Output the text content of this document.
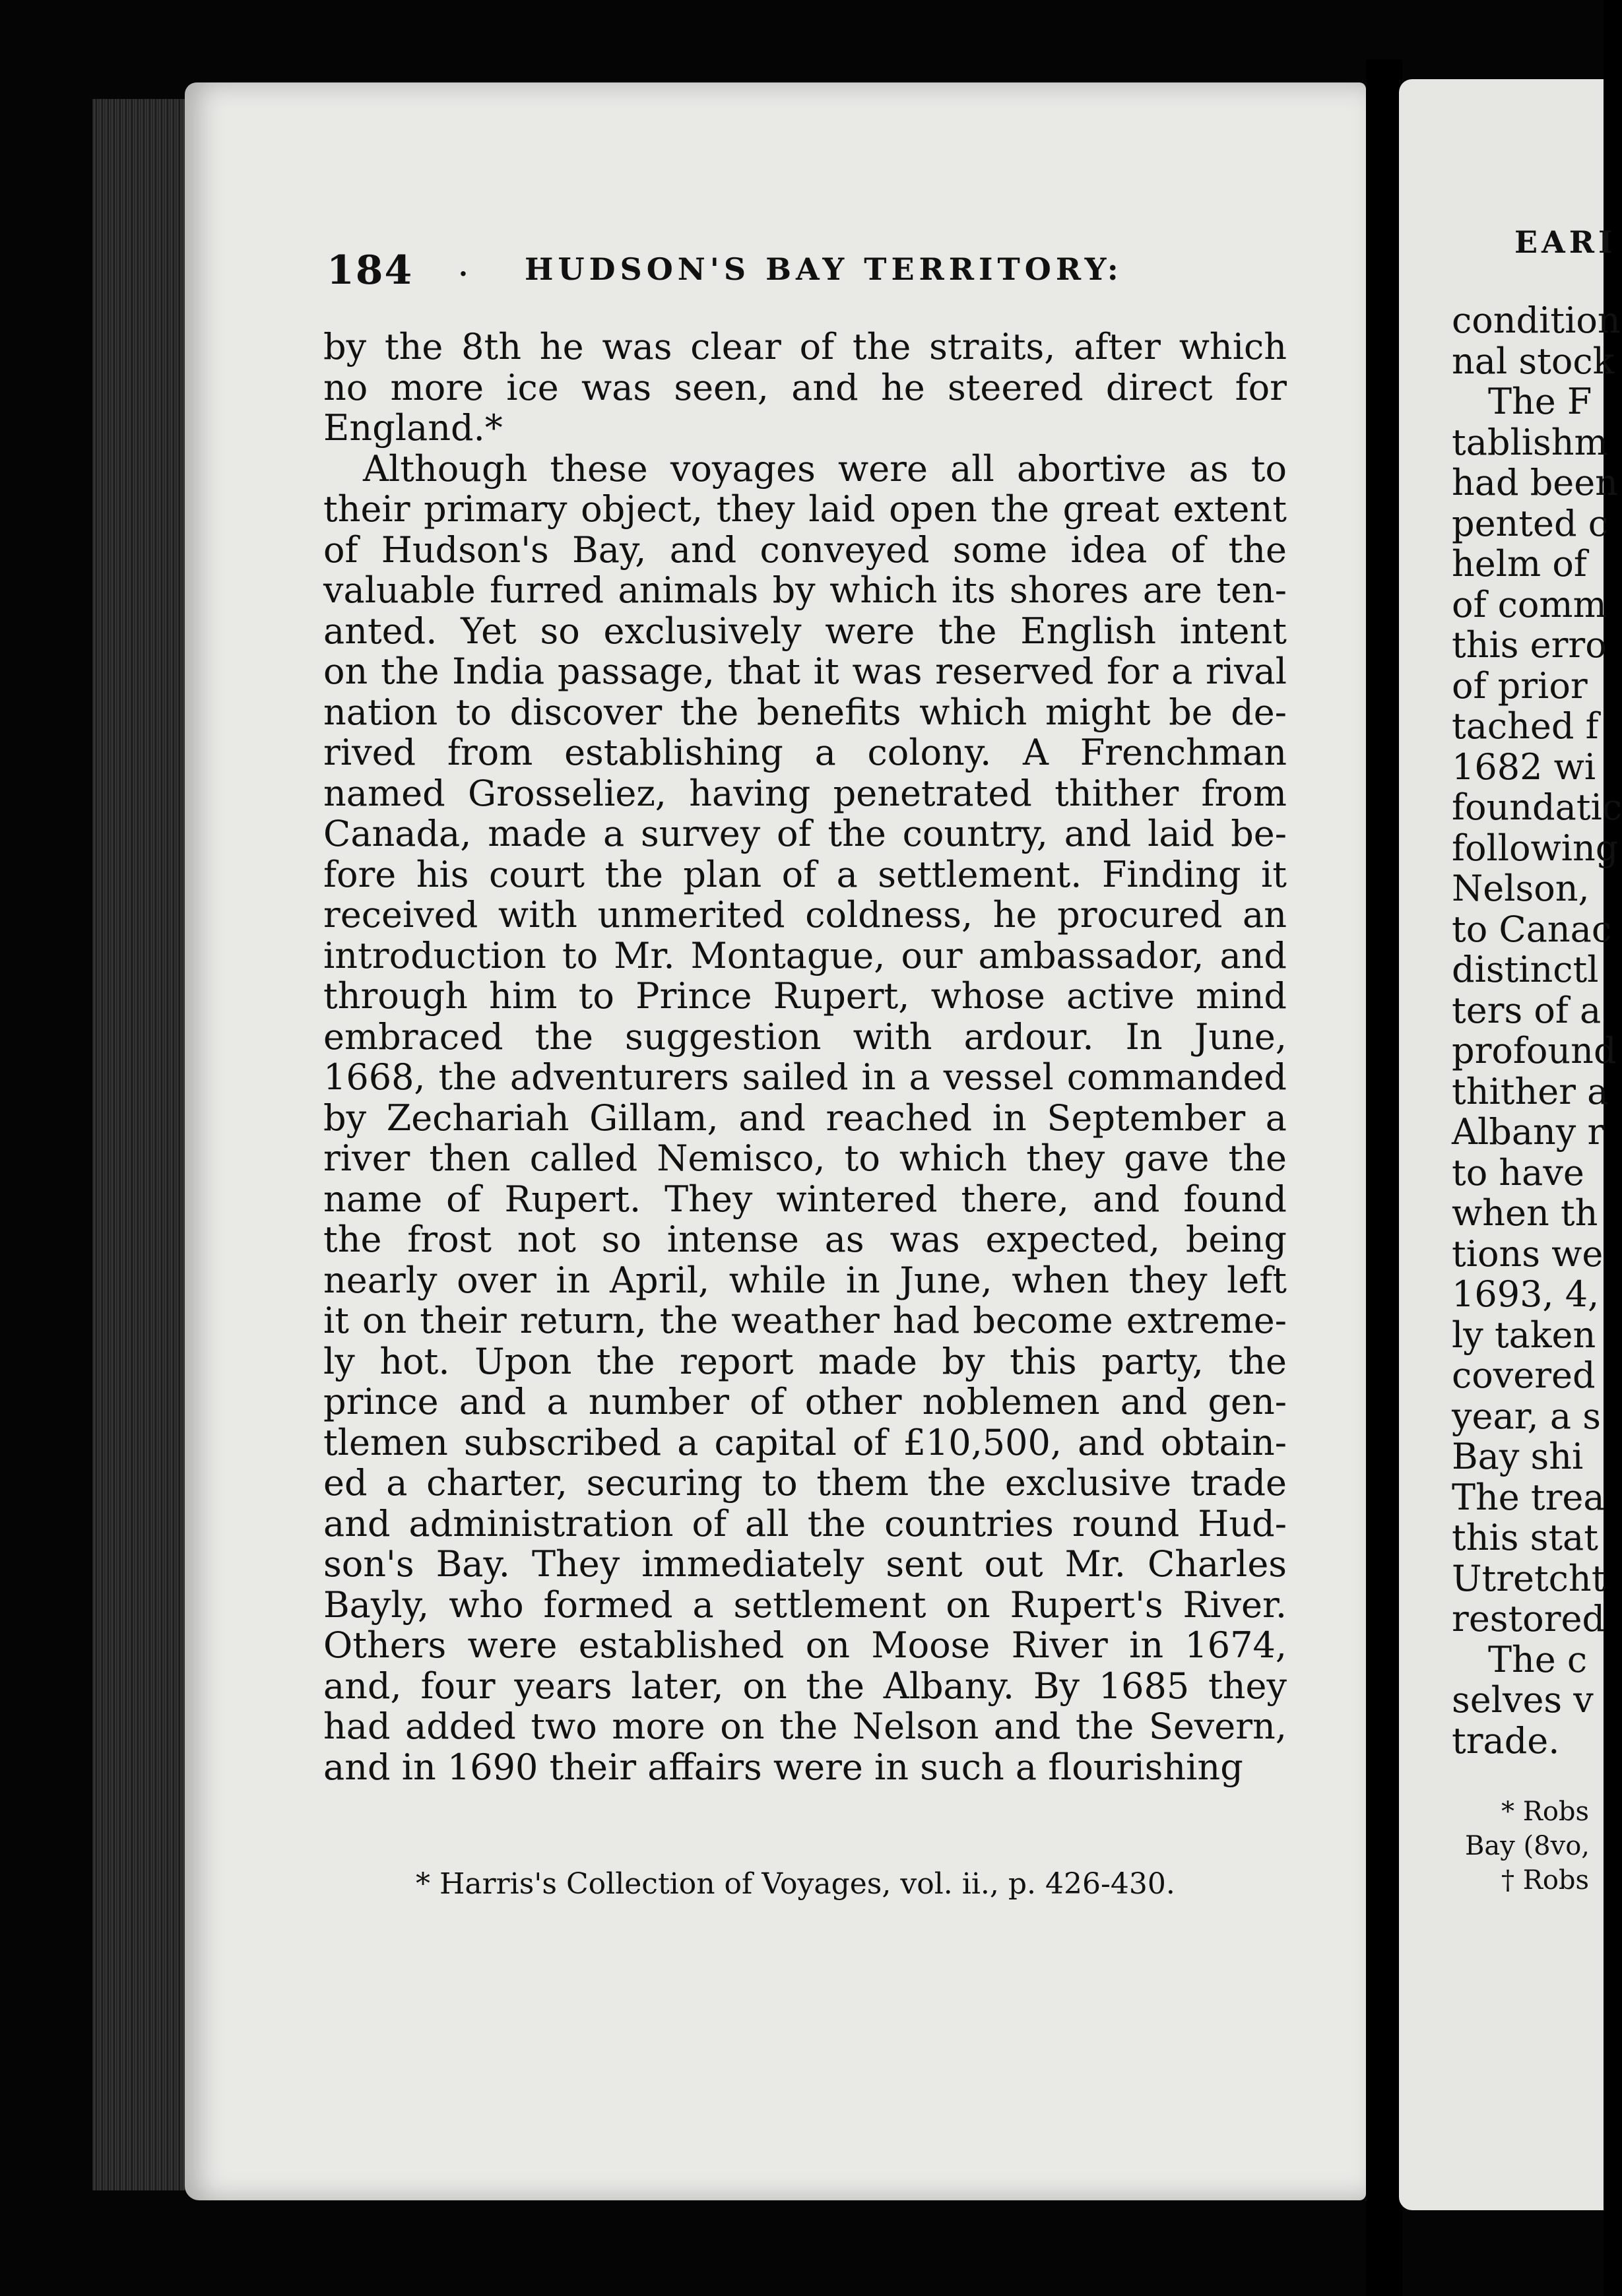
184 . HUDSON'S BAY TERRITORY:
by the 8th he was clear of the straits, after which
no more ice was seen, and he steered direct for
England.*
Although these voyages were all abortive as to
their primary object, they laid open the great extent
of Hudson's Bay, and conveyed some idea of the
valuable furred animals by which its shores are ten-
anted. Yet so exclusively were the English intent
on the India passage, that it was reserved for a rival
nation to discover the benefits which might be de-
rived from establishing a colony. A Frenchman
named Grosseliez, having penetrated thither from
Canada, made a survey of the country, and laid be-
fore his court the plan of a settlement. Finding it
received with unmerited coldness, he procured an
introduction to Mr. Montague, our ambassador, and
through him to Prince Rupert, whose active mind
embraced the suggestion with ardour. In June,
1668, the adventurers sailed in a vessel commanded
by Zechariah Gillam, and reached in September a
river then called Nemisco, to which they gave the
name of Rupert. They wintered there, and found
the frost not so intense as was expected, being
nearly over in April, while in June, when they left
it on their return, the weather had become extreme-
ly hot. Upon the report made by this party, the
prince and a number of other noblemen and gen-
tlemen subscribed a capital of £10,500, and obtain-
ed a charter, securing to them the exclusive trade
and administration of all the countries round Hud-
son's Bay. They immediately sent out Mr. Charles
Bayly, who formed a settlement on Rupert's River.
Others were established on Moose River in 1674,
and, four years later, on the Albany. By 1685 they
had added two more on the Nelson and the Severn,
and in 1690 their affairs were in such a flourishing
* Harris's Collection of Voyages, vol. ii., p. 426-430.
EARI
condition
nal stock
The F
tablishm
had been
pented c
helm of
of comm
this erro
of prior
tached f
1682 wi
foundatic
following
Nelson,
to Canac
distinctl
ters of a
profound
thither a
Albany r
to have
when th
tions we
1693, 4,
ly taken
covered
year, a s
Bay shi
The trea
this stat
Utretcht
restored
The c
selves v
trade.
* Robs
Bay (8vo,
† Robs
